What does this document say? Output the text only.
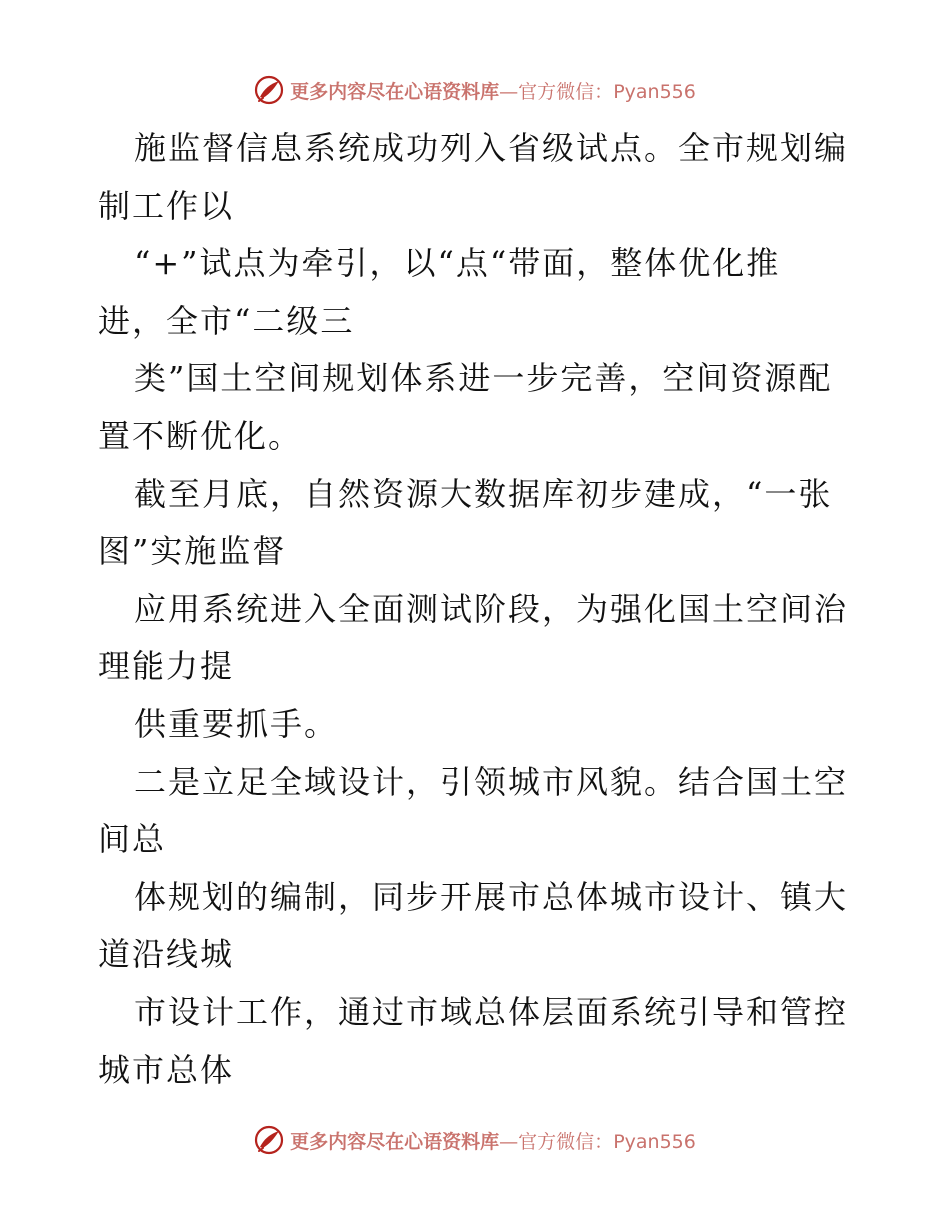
更多内容尽在心语资料库—官方微信：Pyan556
施监督信息系统成功列入省级试点。全市规划编
制工作以
“+”试点为牵引，以“点“带面，整体优化推
进，全市“二级三
类”国土空间规划体系进一步完善，空间资源配
置不断优化。
截至月底，自然资源大数据库初步建成，“一张
图”实施监督
应用系统进入全面测试阶段，为强化国土空间治
理能力提
供重要抓手。
二是立足全域设计，引领城市风貌。结合国土空
间总
体规划的编制，同步开展市总体城市设计、镇大
道沿线城
市设计工作，通过市域总体层面系统引导和管控
城市总体
更多内容尽在心语资料库—官方微信：Pyan556
